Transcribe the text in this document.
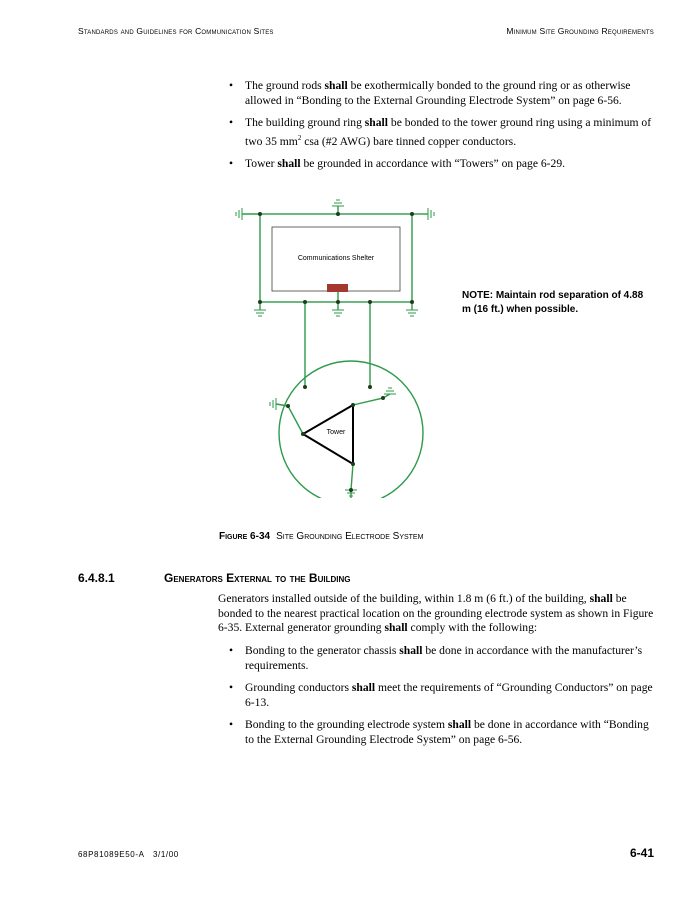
Standards and Guidelines for Communication Sites	Minimum Site Grounding Requirements
• The ground rods shall be exothermically bonded to the ground ring or as otherwise allowed in “Bonding to the External Grounding Electrode System” on page 6-56.
• The building ground ring shall be bonded to the tower ground ring using a minimum of two 35 $mm^2$ csa (#2 AWG) bare tinned copper conductors.
• Tower shall be grounded in accordance with “Towers” on page 6-29.
Communications Shelter
Tower
NOTE: Maintain rod separation of 4.88 m (16 ft.) when possible.
Figure 6-34 Site Grounding Electrode System
6.4.8.1	Generators External to the Building

Generators installed outside of the building, within 1.8 m (6 ft.) of the building, shall be bonded to the nearest practical location on the grounding electrode system as shown in Figure 6-35. External generator grounding shall comply with the following:

• Bonding to the generator chassis shall be done in accordance with the manufacturer’s requirements.
• Grounding conductors shall meet the requirements of “Grounding Conductors” on page 6-13.
• Bonding to the grounding electrode system shall be done in accordance with “Bonding to the External Grounding Electrode System” on page 6-56.
68P81089E50-A 3/1/00	6-41
